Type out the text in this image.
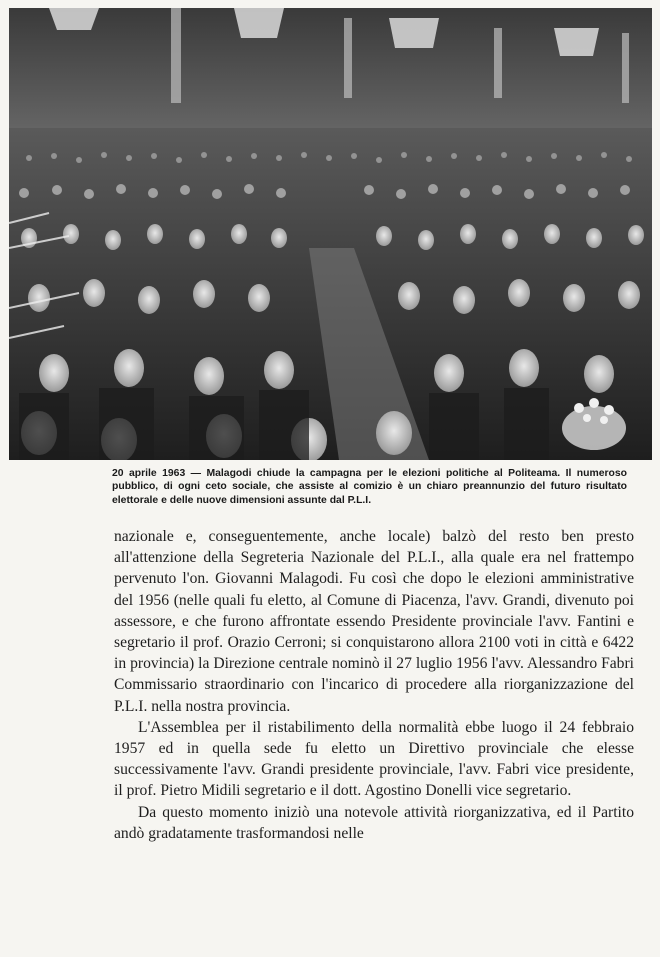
20 aprile 1963 — Malagodi chiude la campagna per le elezioni politiche al Politeama. Il numeroso pubblico, di ogni ceto sociale, che assiste al comizio è un chiaro preannunzio del futuro risultato elettorale e delle nuove dimensioni assunte dal P.L.I.

nazionale e, conseguentemente, anche locale) balzò del resto ben presto all'attenzione della Segreteria Nazionale del P.L.I., alla quale era nel frattempo pervenuto l'on. Giovanni Malagodi. Fu così che dopo le elezioni amministrative del 1956 (nelle quali fu eletto, al Comune di Piacenza, l'avv. Grandi, divenuto poi assessore, e che furono affrontate essendo Presidente provinciale l'avv. Fantini e segretario il prof. Orazio Cerroni; si conquistarono allora 2100 voti in città e 6422 in provincia) la Direzione centrale nominò il 27 luglio 1956 l'avv. Alessandro Fabri Commissario straordinario con l'incarico di procedere alla riorganizzazione del P.L.I. nella nostra provincia.

L'Assemblea per il ristabilimento della normalità ebbe luogo il 24 febbraio 1957 ed in quella sede fu eletto un Direttivo provinciale che elesse successivamente l'avv. Grandi presidente provinciale, l'avv. Fabri vice presidente, il prof. Pietro Midili segretario e il dott. Agostino Donelli vice segretario.

Da questo momento iniziò una notevole attività riorganizzativa, ed il Partito andò gradatamente trasformandosi nelle
